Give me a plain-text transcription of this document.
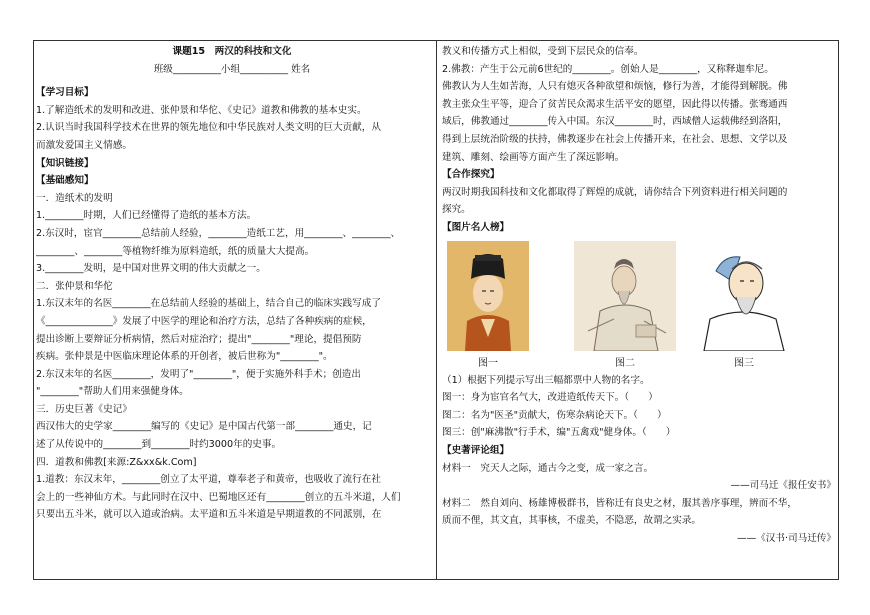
课题15　两汉的科技和文化

班级__________小组__________ 姓名

【学习目标】

1.了解造纸术的发明和改进、张仲景和华佗、《史记》道教和佛教的基本史实。

2.认识当时我国科学技术在世界的领先地位和中华民族对人类文明的巨大贡献，从

而激发爱国主义情感。

【知识链接】

【基础感知】

一．造纸术的发明

1.________时期，人们已经懂得了造纸的基本方法。

2.东汉时，宦官________总结前人经验，________造纸工艺，用________、________、

________、________等植物纤维为原料造纸，纸的质量大大提高。

3.________发明，是中国对世界文明的伟大贡献之一。

二．张仲景和华佗

1.东汉末年的名医________在总结前人经验的基础上，结合自己的临床实践写成了

《______________》发展了中医学的理论和治疗方法，总结了各种疾病的症候，

提出诊断上要辩证分析病情，然后对症治疗；提出"________"理论，提倡预防

疾病。张仲景是中医临床理论体系的开创者，被后世称为"________"。

2.东汉末年的名医________，发明了"________"，便于实施外科手术；创造出

"________"帮助人们用来强健身体。

三．历史巨著《史记》

西汉伟大的史学家________编写的《史记》是中国古代第一部________通史，记

述了从传说中的________到________时约3000年的史事。

四．道教和佛教[来源:Z&xx&k.Com]

1.道教：东汉末年，________创立了太平道，尊奉老子和黄帝，也吸收了流行在社

会上的一些神仙方术。与此同时在汉中、巴蜀地区还有________创立的五斗米道，人们

只要出五斗米，就可以入道或治病。太平道和五斗米道是早期道教的不同派别，在

教义和传播方式上相似，受到下层民众的信奉。

2.佛教：产生于公元前6世纪的________。创始人是________，又称释迦牟尼。

佛教认为人生如苦海，人只有熄灭各种欲望和烦恼，修行为善，才能得到解脱。佛

教主张众生平等，迎合了贫苦民众渴求生活平安的愿望，因此得以传播。张骞通西

域后，佛教通过________传入中国。东汉________时，西域僧人运载佛经到洛阳，

得到上层统治阶级的扶持，佛教逐步在社会上传播开来，在社会、思想、文学以及

建筑、雕刻、绘画等方面产生了深远影响。

【合作探究】

两汉时期我国科技和文化都取得了辉煌的成就，请你结合下列资料进行相关问题的

探究。

【图片名人榜】

图一	图二	图三

（1）根据下列提示写出三幅都票中人物的名字。

图一：身为宦官名气大，改进造纸传天下。（　　）

图二：名为"医圣"贡献大，伤寒杂病论天下。（　　）

图三：创"麻沸散"行手术，编"五禽戏"健身体。（　　）

【史著评论组】

材料一　究天人之际，通古今之变，成一家之言。

——司马迁《报任安书》

材料二　然自刘向、杨雄博极群书，皆称迁有良史之材，服其善序事理，辨而不华，

质而不俚，其文直，其事核，不虚美，不隐恶，故谓之实录。

——《汉书·司马迁传》
